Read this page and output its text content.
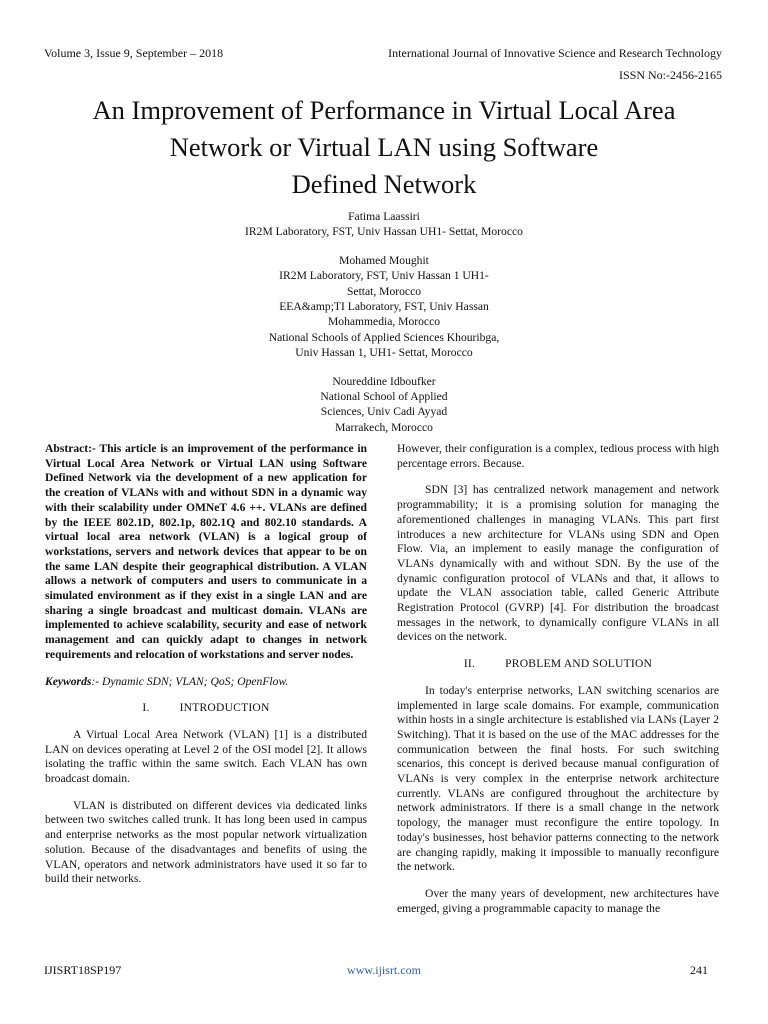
Volume 3, Issue 9, September – 2018	International Journal of Innovative Science and Research Technology
ISSN No:-2456-2165
An Improvement of Performance in Virtual Local Area
Network or Virtual LAN using Software
Defined Network
Fatima Laassiri
IR2M Laboratory, FST, Univ Hassan UH1- Settat, Morocco
Mohamed Moughit
IR2M Laboratory, FST, Univ Hassan 1 UH1-
Settat, Morocco
EEA&amp;TI Laboratory, FST, Univ Hassan
Mohammedia, Morocco
National Schools of Applied Sciences Khouribga,
Univ Hassan 1, UH1- Settat, Morocco
Noureddine Idboufker
National School of Applied
Sciences, Univ Cadi Ayyad
Marrakech, Morocco

Abstract:- This article is an improvement of the performance in Virtual Local Area Network or Virtual LAN using Software Defined Network via the development of a new application for the creation of VLANs with and without SDN in a dynamic way with their scalability under OMNeT 4.6 ++. VLANs are defined by the IEEE 802.1D, 802.1p, 802.1Q and 802.10 standards. A virtual local area network (VLAN) is a logical group of workstations, servers and network devices that appear to be on the same LAN despite their geographical distribution. A VLAN allows a network of computers and users to communicate in a simulated environment as if they exist in a single LAN and are sharing a single broadcast and multicast domain. VLANs are implemented to achieve scalability, security and ease of network management and can quickly adapt to changes in network requirements and relocation of workstations and server nodes.

Keywords:- Dynamic SDN; VLAN; QoS; OpenFlow.

I.	INTRODUCTION

A Virtual Local Area Network (VLAN) [1] is a distributed LAN on devices operating at Level 2 of the OSI model [2]. It allows isolating the traffic within the same switch. Each VLAN has own broadcast domain.

VLAN is distributed on different devices via dedicated links between two switches called trunk. It has long been used in campus and enterprise networks as the most popular network virtualization solution. Because of the disadvantages and benefits of using the VLAN, operators and network administrators have used it so far to build their networks.

However, their configuration is a complex, tedious process with high percentage errors. Because.

SDN [3] has centralized network management and network programmability; it is a promising solution for managing the aforementioned challenges in managing VLANs. This part first introduces a new architecture for VLANs using SDN and Open Flow. Via, an implement to easily manage the configuration of VLANs dynamically with and without SDN. By the use of the dynamic configuration protocol of VLANs and that, it allows to update the VLAN association table, called Generic Attribute Registration Protocol (GVRP) [4]. For distribution the broadcast messages in the network, to dynamically configure VLANs in all devices on the network.

II.	PROBLEM AND SOLUTION

In today's enterprise networks, LAN switching scenarios are implemented in large scale domains. For example, communication within hosts in a single architecture is established via LANs (Layer 2 Switching). That it is based on the use of the MAC addresses for the communication between the final hosts. For such switching scenarios, this concept is derived because manual configuration of VLANs is very complex in the enterprise network architecture currently. VLANs are configured throughout the architecture by network administrators. If there is a small change in the network topology, the manager must reconfigure the entire topology. In today's businesses, host behavior patterns connecting to the network are changing rapidly, making it impossible to manually reconfigure the network.

Over the many years of development, new architectures have emerged, giving a programmable capacity to manage the

IJISRT18SP197	www.ijisrt.com	241
